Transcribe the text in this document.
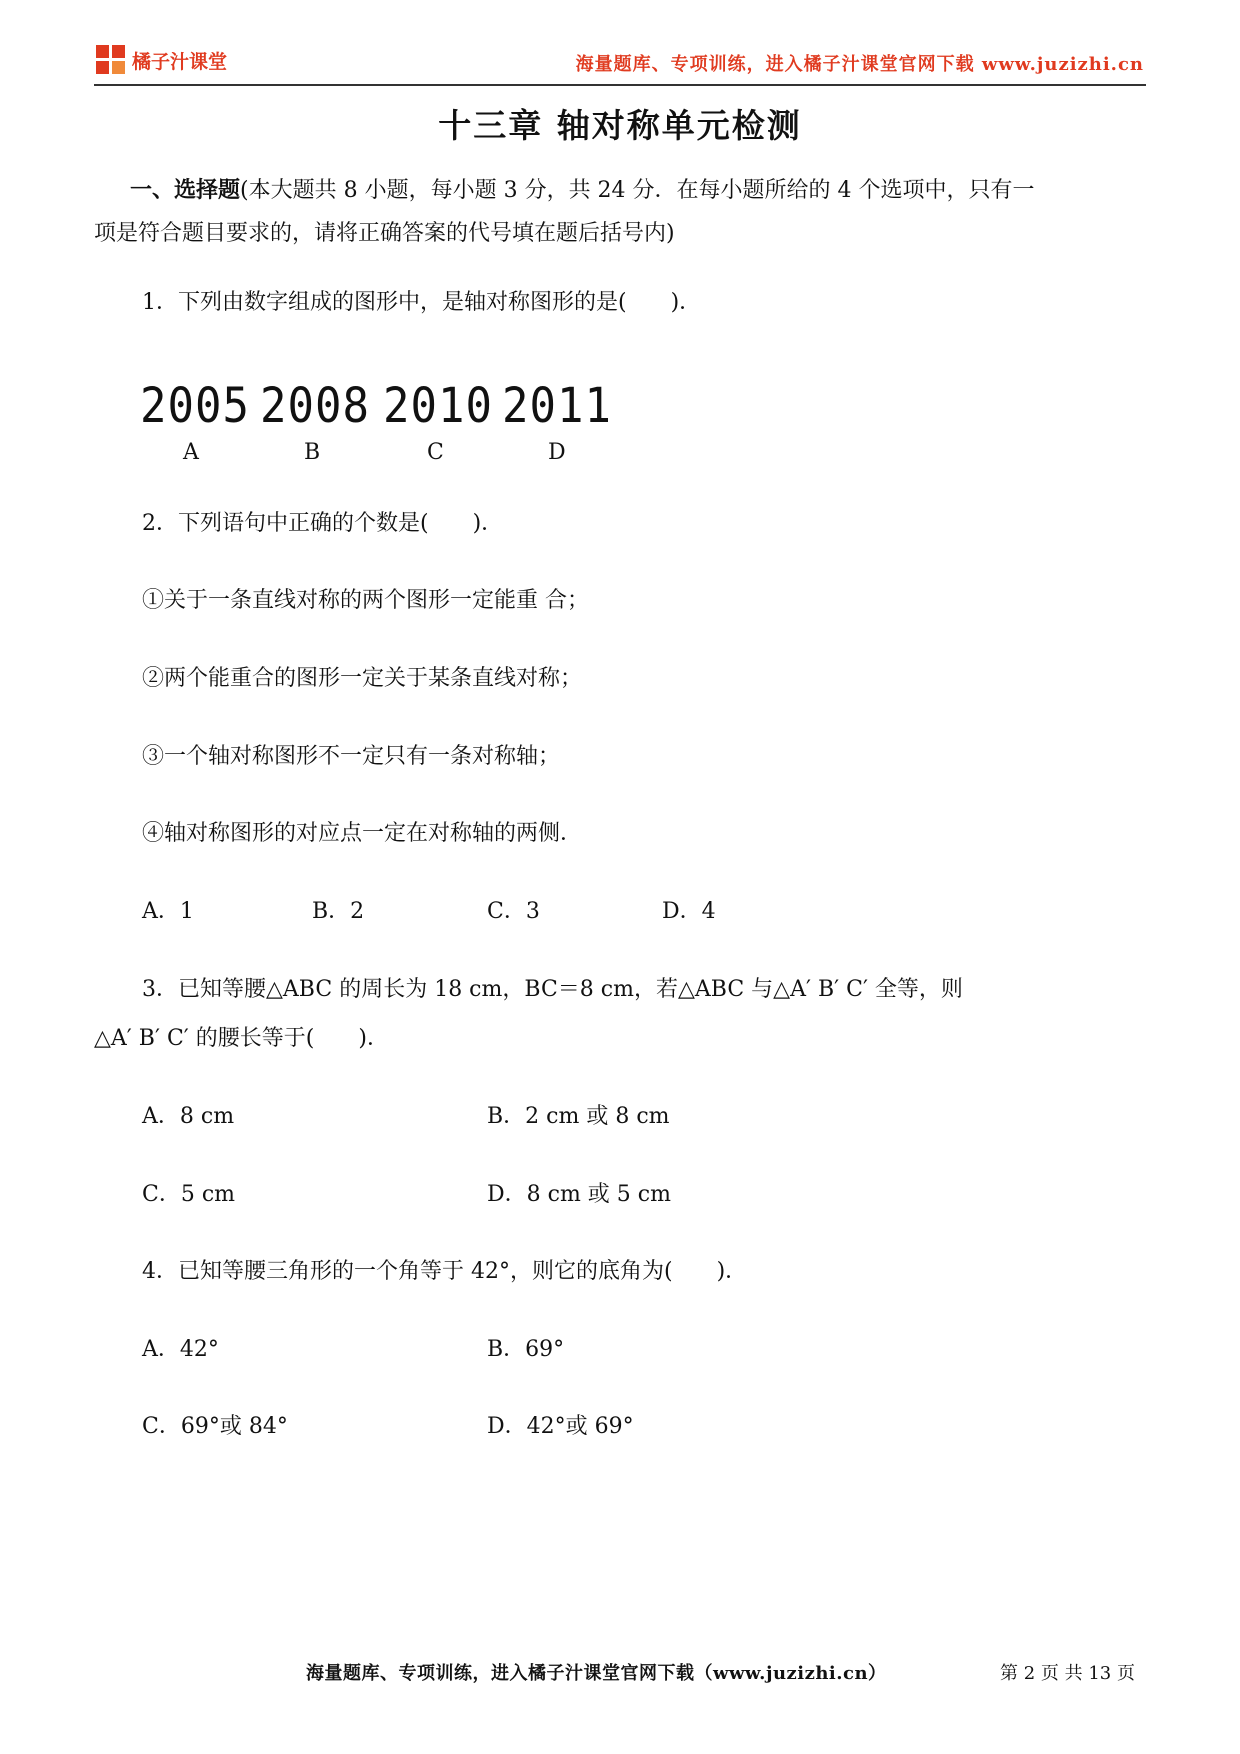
橘子汁课堂	海量题库、专项训练，进入橘子汁课堂官网下载 www.juzizhi.cn
十三章 轴对称单元检测
一、选择题(本大题共 8 小题，每小题 3 分，共 24 分．在每小题所给的 4 个选项中，只有一
项是符合题目要求的，请将正确答案的代号填在题后括号内)
1．下列由数字组成的图形中，是轴对称图形的是(　　)．
2005 2008 2010 2011
A	B	C	D
2．下列语句中正确的个数是(　　)．
①关于一条直线对称的两个图形一定能重 合；
②两个能重合的图形一定关于某条直线对称；
③一个轴对称图形不一定只有一条对称轴；
④轴对称图形的对应点一定在对称轴的两侧．
A．1	B．2	C．3	D．4
3．已知等腰△ABC 的周长为 18 cm，BC＝8 cm，若△ABC 与△A′ B′ C′ 全等，则
△A′ B′ C′ 的腰长等于(　　)．
A．8 cm	B．2 cm 或 8 cm
C．5 cm	D．8 cm 或 5 cm
4．已知等腰三角形的一个角等于 42°，则它的底角为(　　)．
A．42°	B．69°
C．69°或 84°	D．42°或 69°
海量题库、专项训练，进入橘子汁课堂官网下载（www.juzizhi.cn）	第 2 页 共 13 页
